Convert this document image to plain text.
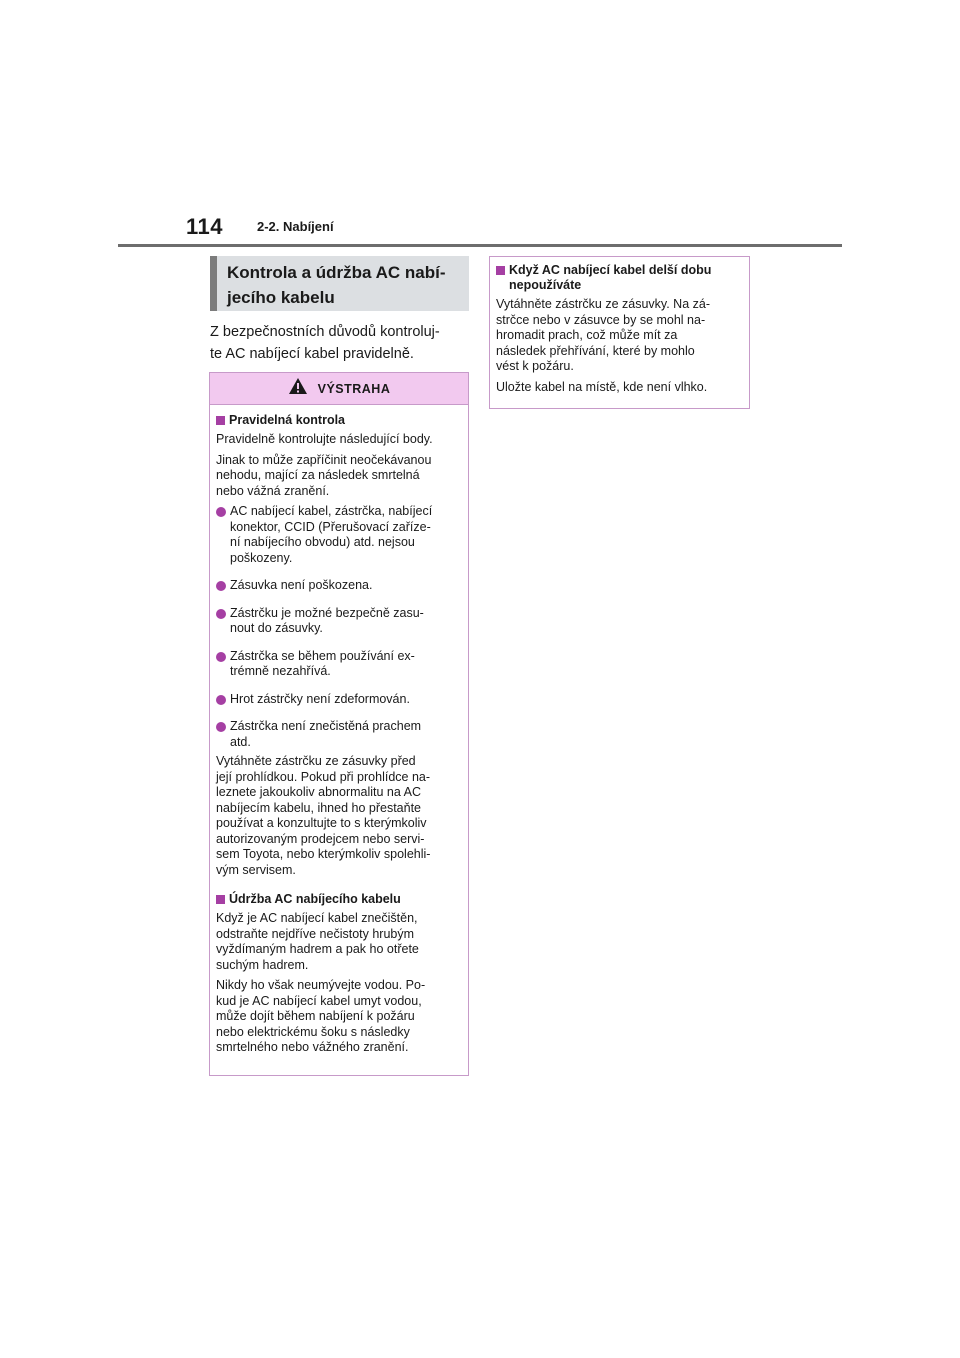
114	2-2. Nabíjení
Kontrola a údržba AC nabí-
jecího kabelu
Z bezpečnostních důvodů kontroluj-
te AC nabíjecí kabel pravidelně.
VÝSTRAHA
Pravidelná kontrola

Pravidelně kontrolujte následující body.

Jinak to může zapříčinit neočekávanou
nehodu, mající za následek smrtelná
nebo vážná zranění.

AC nabíjecí kabel, zástrčka, nabíjecí
konektor, CCID (Přerušovací zaříze-
ní nabíjecího obvodu) atd. nejsou
poškozeny.
Zásuvka není poškozena.
Zástrčku je možné bezpečně zasu-
nout do zásuvky.
Zástrčka se během používání ex-
trémně nezahřívá.
Hrot zástrčky není zdeformován.
Zástrčka není znečistěná prachem
atd.

Vytáhněte zástrčku ze zásuvky před
její prohlídkou. Pokud při prohlídce na-
leznete jakoukoliv abnormalitu na AC
nabíjecím kabelu, ihned ho přestaňte
používat a konzultujte to s kterýmkoliv
autorizovaným prodejcem nebo servi-
sem Toyota, nebo kterýmkoliv spolehli-
vým servisem.

Údržba AC nabíjecího kabelu

Když je AC nabíjecí kabel znečištěn,
odstraňte nejdříve nečistoty hrubým
vyždímaným hadrem a pak ho otřete
suchým hadrem.

Nikdy ho však neumývejte vodou. Po-
kud je AC nabíjecí kabel umyt vodou,
může dojít během nabíjení k požáru
nebo elektrickému šoku s následky
smrtelného nebo vážného zranění.

Když AC nabíjecí kabel delší dobu
nepoužíváte

Vytáhněte zástrčku ze zásuvky. Na zá-
strčce nebo v zásuvce by se mohl na-
hromadit prach, což může mít za
následek přehřívání, které by mohlo
vést k požáru.

Uložte kabel na místě, kde není vlhko.
